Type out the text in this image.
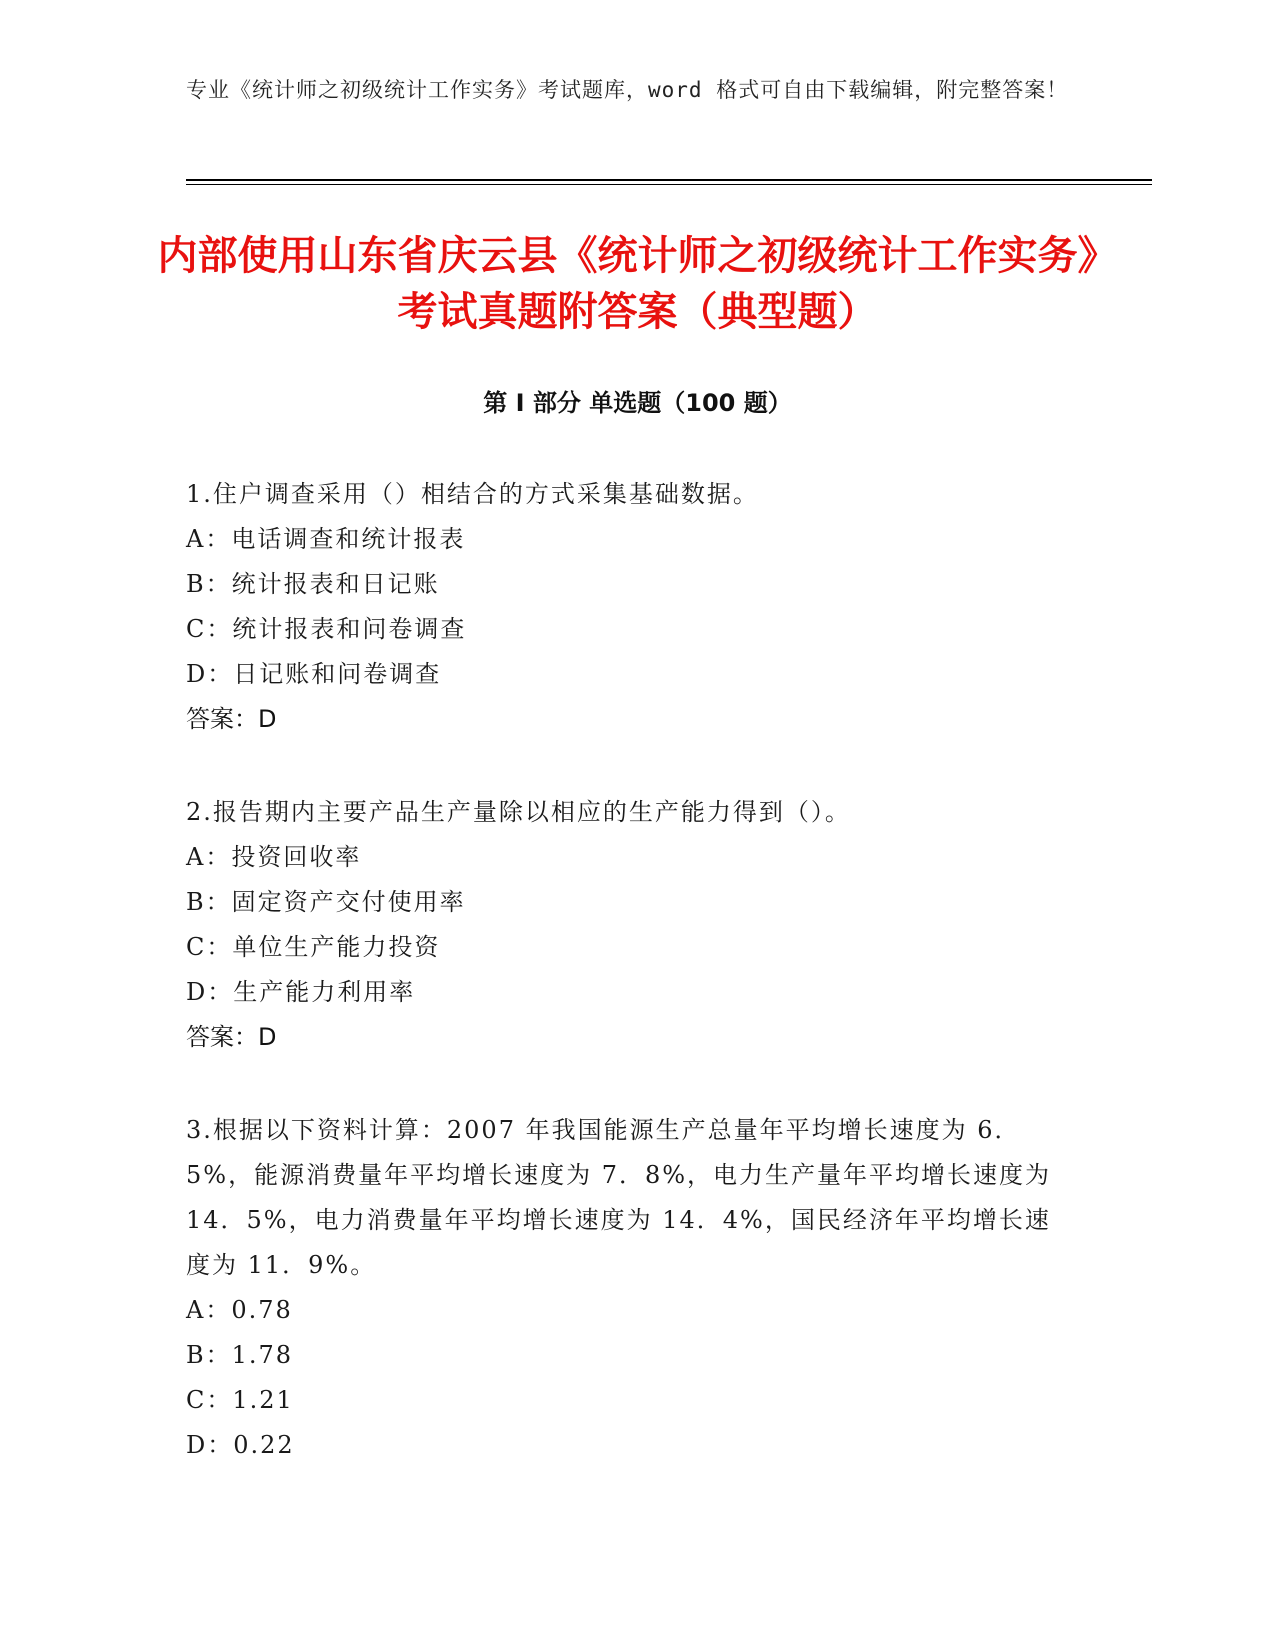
专业《统计师之初级统计工作实务》考试题库，word 格式可自由下载编辑，附完整答案！
内部使用山东省庆云县《统计师之初级统计工作实务》考试真题附答案（典型题）
第 I 部分 单选题（100 题）
1.住户调查采用（）相结合的方式采集基础数据。
A：电话调查和统计报表
B：统计报表和日记账
C：统计报表和问卷调查
D：日记账和问卷调查
答案：D
2.报告期内主要产品生产量除以相应的生产能力得到（）。
A：投资回收率
B：固定资产交付使用率
C：单位生产能力投资
D：生产能力利用率
答案：D
3.根据以下资料计算：2007 年我国能源生产总量年平均增长速度为 6．5%，能源消费量年平均增长速度为 7．8%，电力生产量年平均增长速度为 14．5%，电力消费量年平均增长速度为 14．4%，国民经济年平均增长速度为 11．9%。
A：0.78
B：1.78
C：1.21
D：0.22
